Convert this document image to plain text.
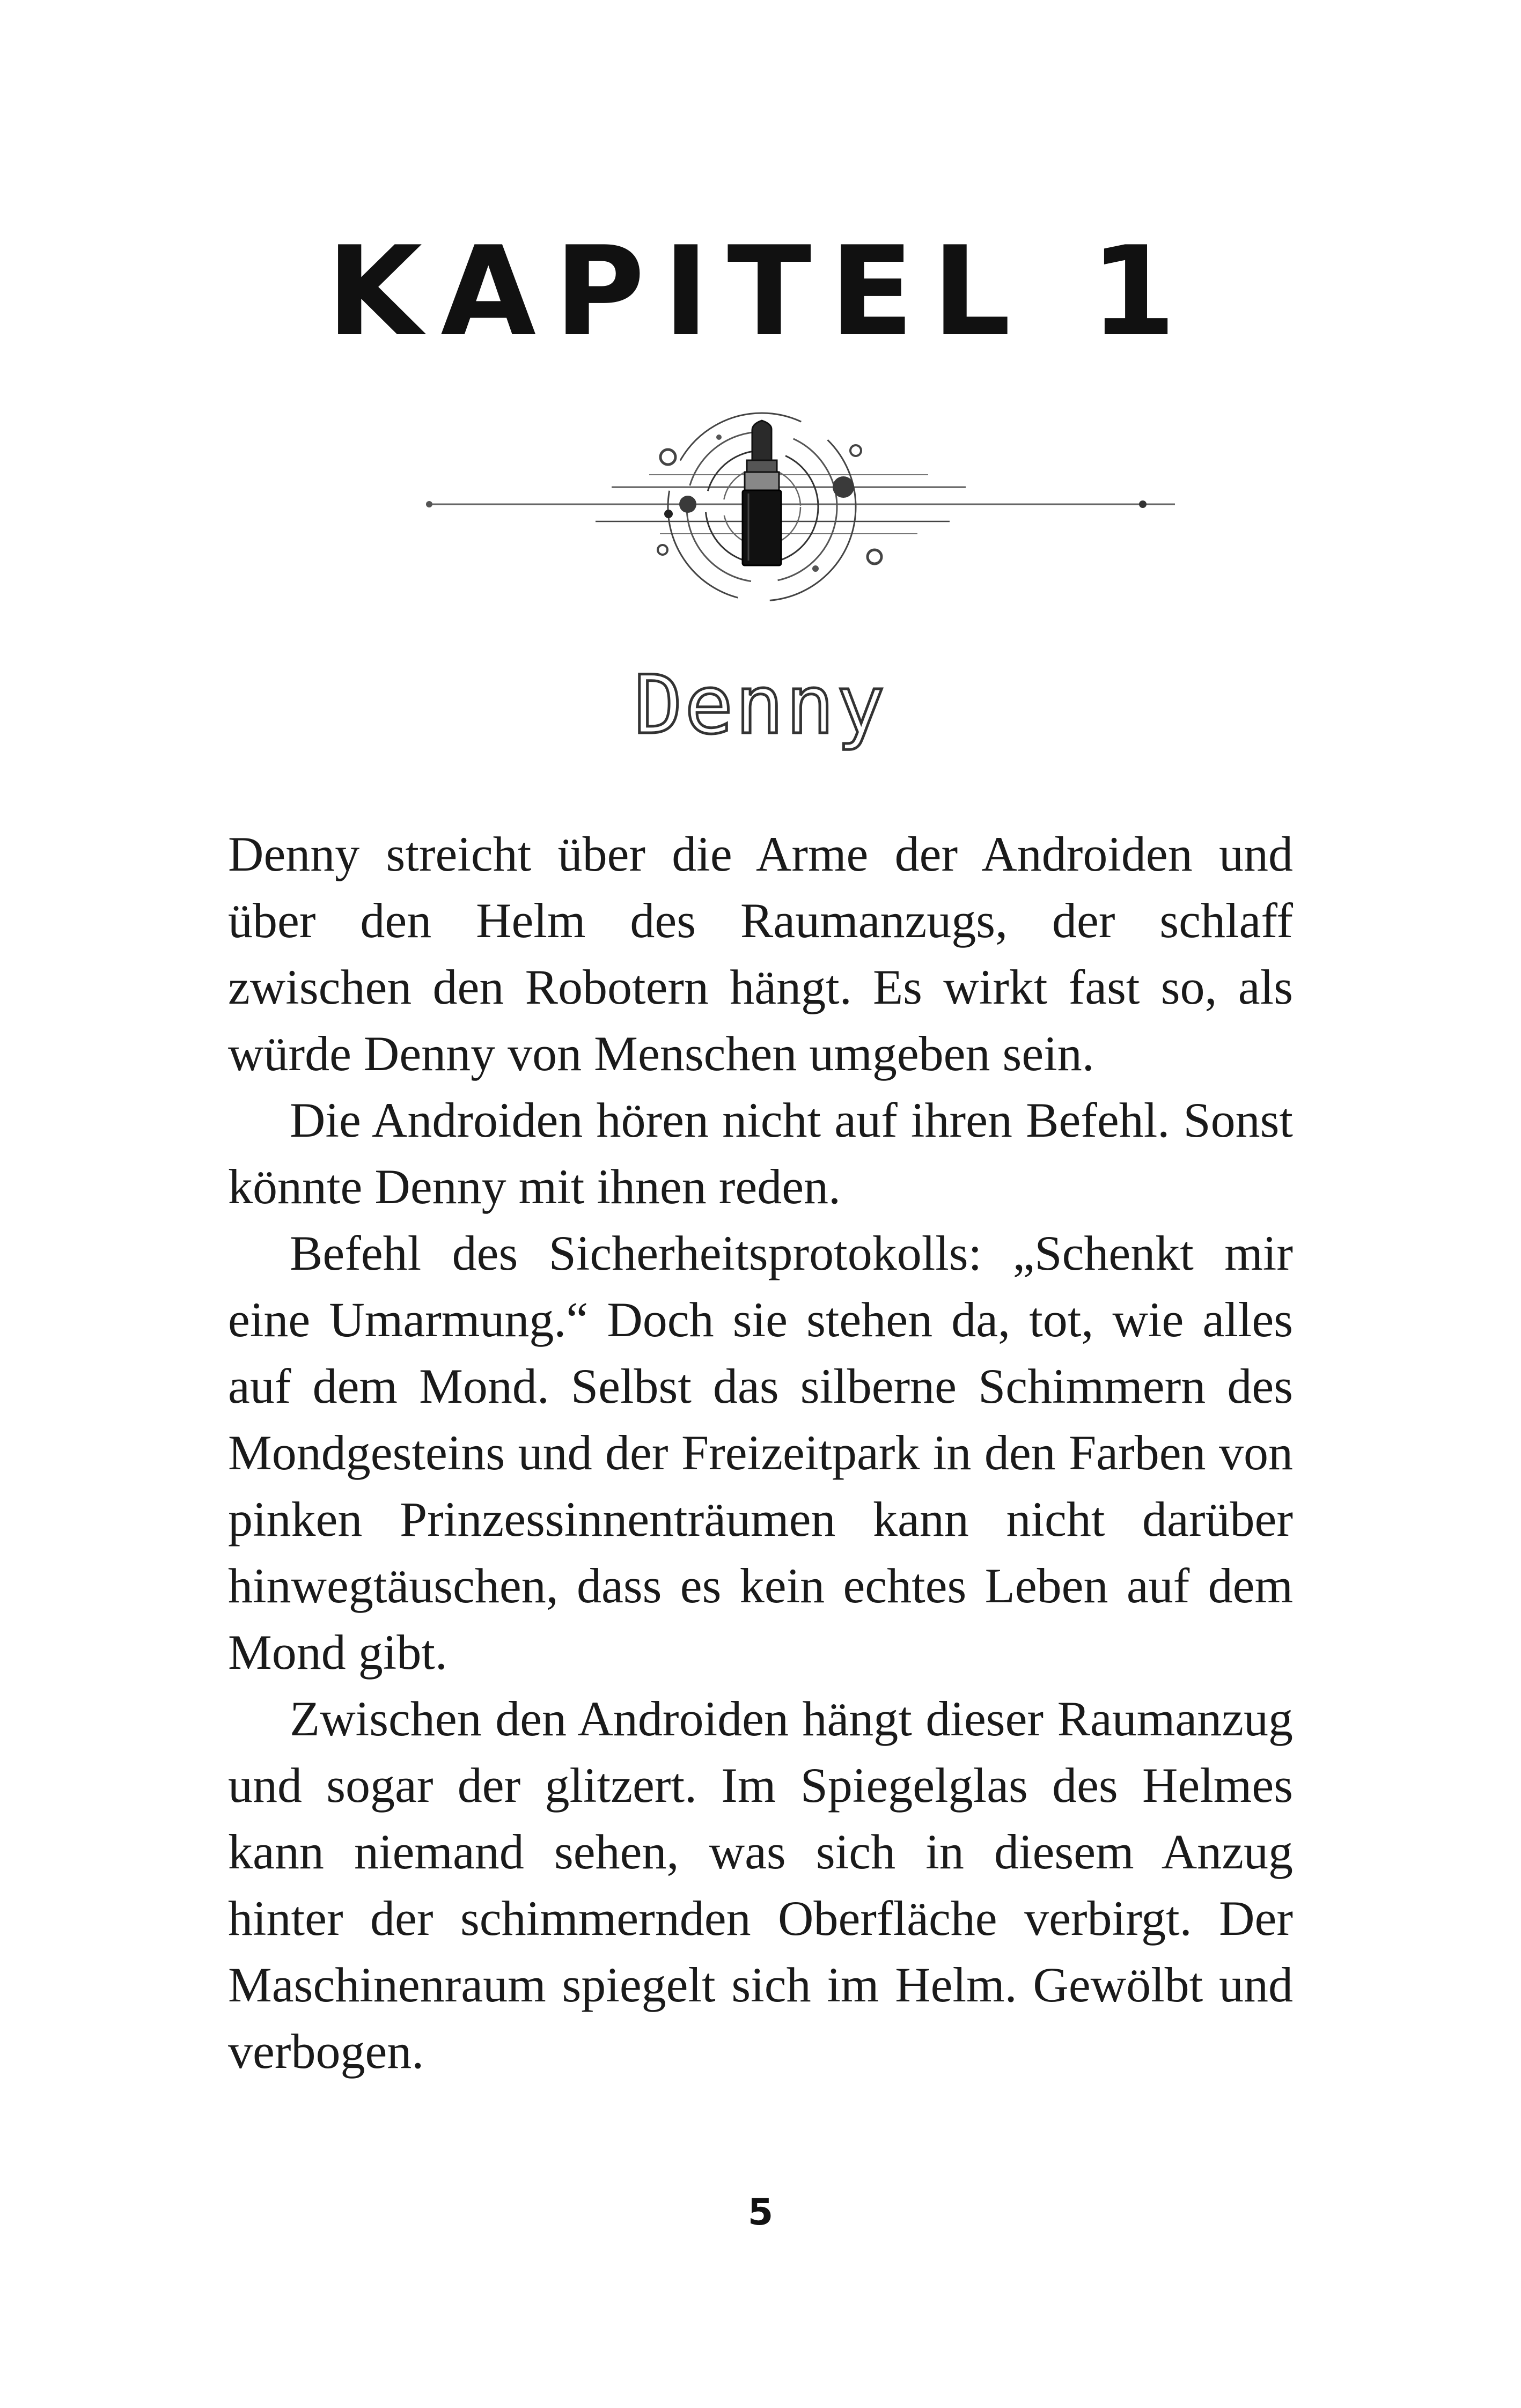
KAPITEL 1
Denny

Denny streicht über die Arme der Androiden und über den Helm des Raumanzugs, der schlaff zwischen den Robotern hängt. Es wirkt fast so, als würde Denny von Menschen umgeben sein.

Die Androiden hören nicht auf ihren Befehl. Sonst könnte Denny mit ihnen reden.

Befehl des Sicherheitsprotokolls: „Schenkt mir eine Umarmung.“ Doch sie stehen da, tot, wie alles auf dem Mond. Selbst das silberne Schimmern des Mondgesteins und der Freizeitpark in den Farben von pinken Prinzessinnenträumen kann nicht darüber hinwegtäuschen, dass es kein echtes Leben auf dem Mond gibt.

Zwischen den Androiden hängt dieser Raumanzug und sogar der glitzert. Im Spiegelglas des Helmes kann niemand sehen, was sich in diesem Anzug hinter der schimmernden Oberfläche verbirgt. Der Maschinenraum spiegelt sich im Helm. Gewölbt und verbogen.

5
